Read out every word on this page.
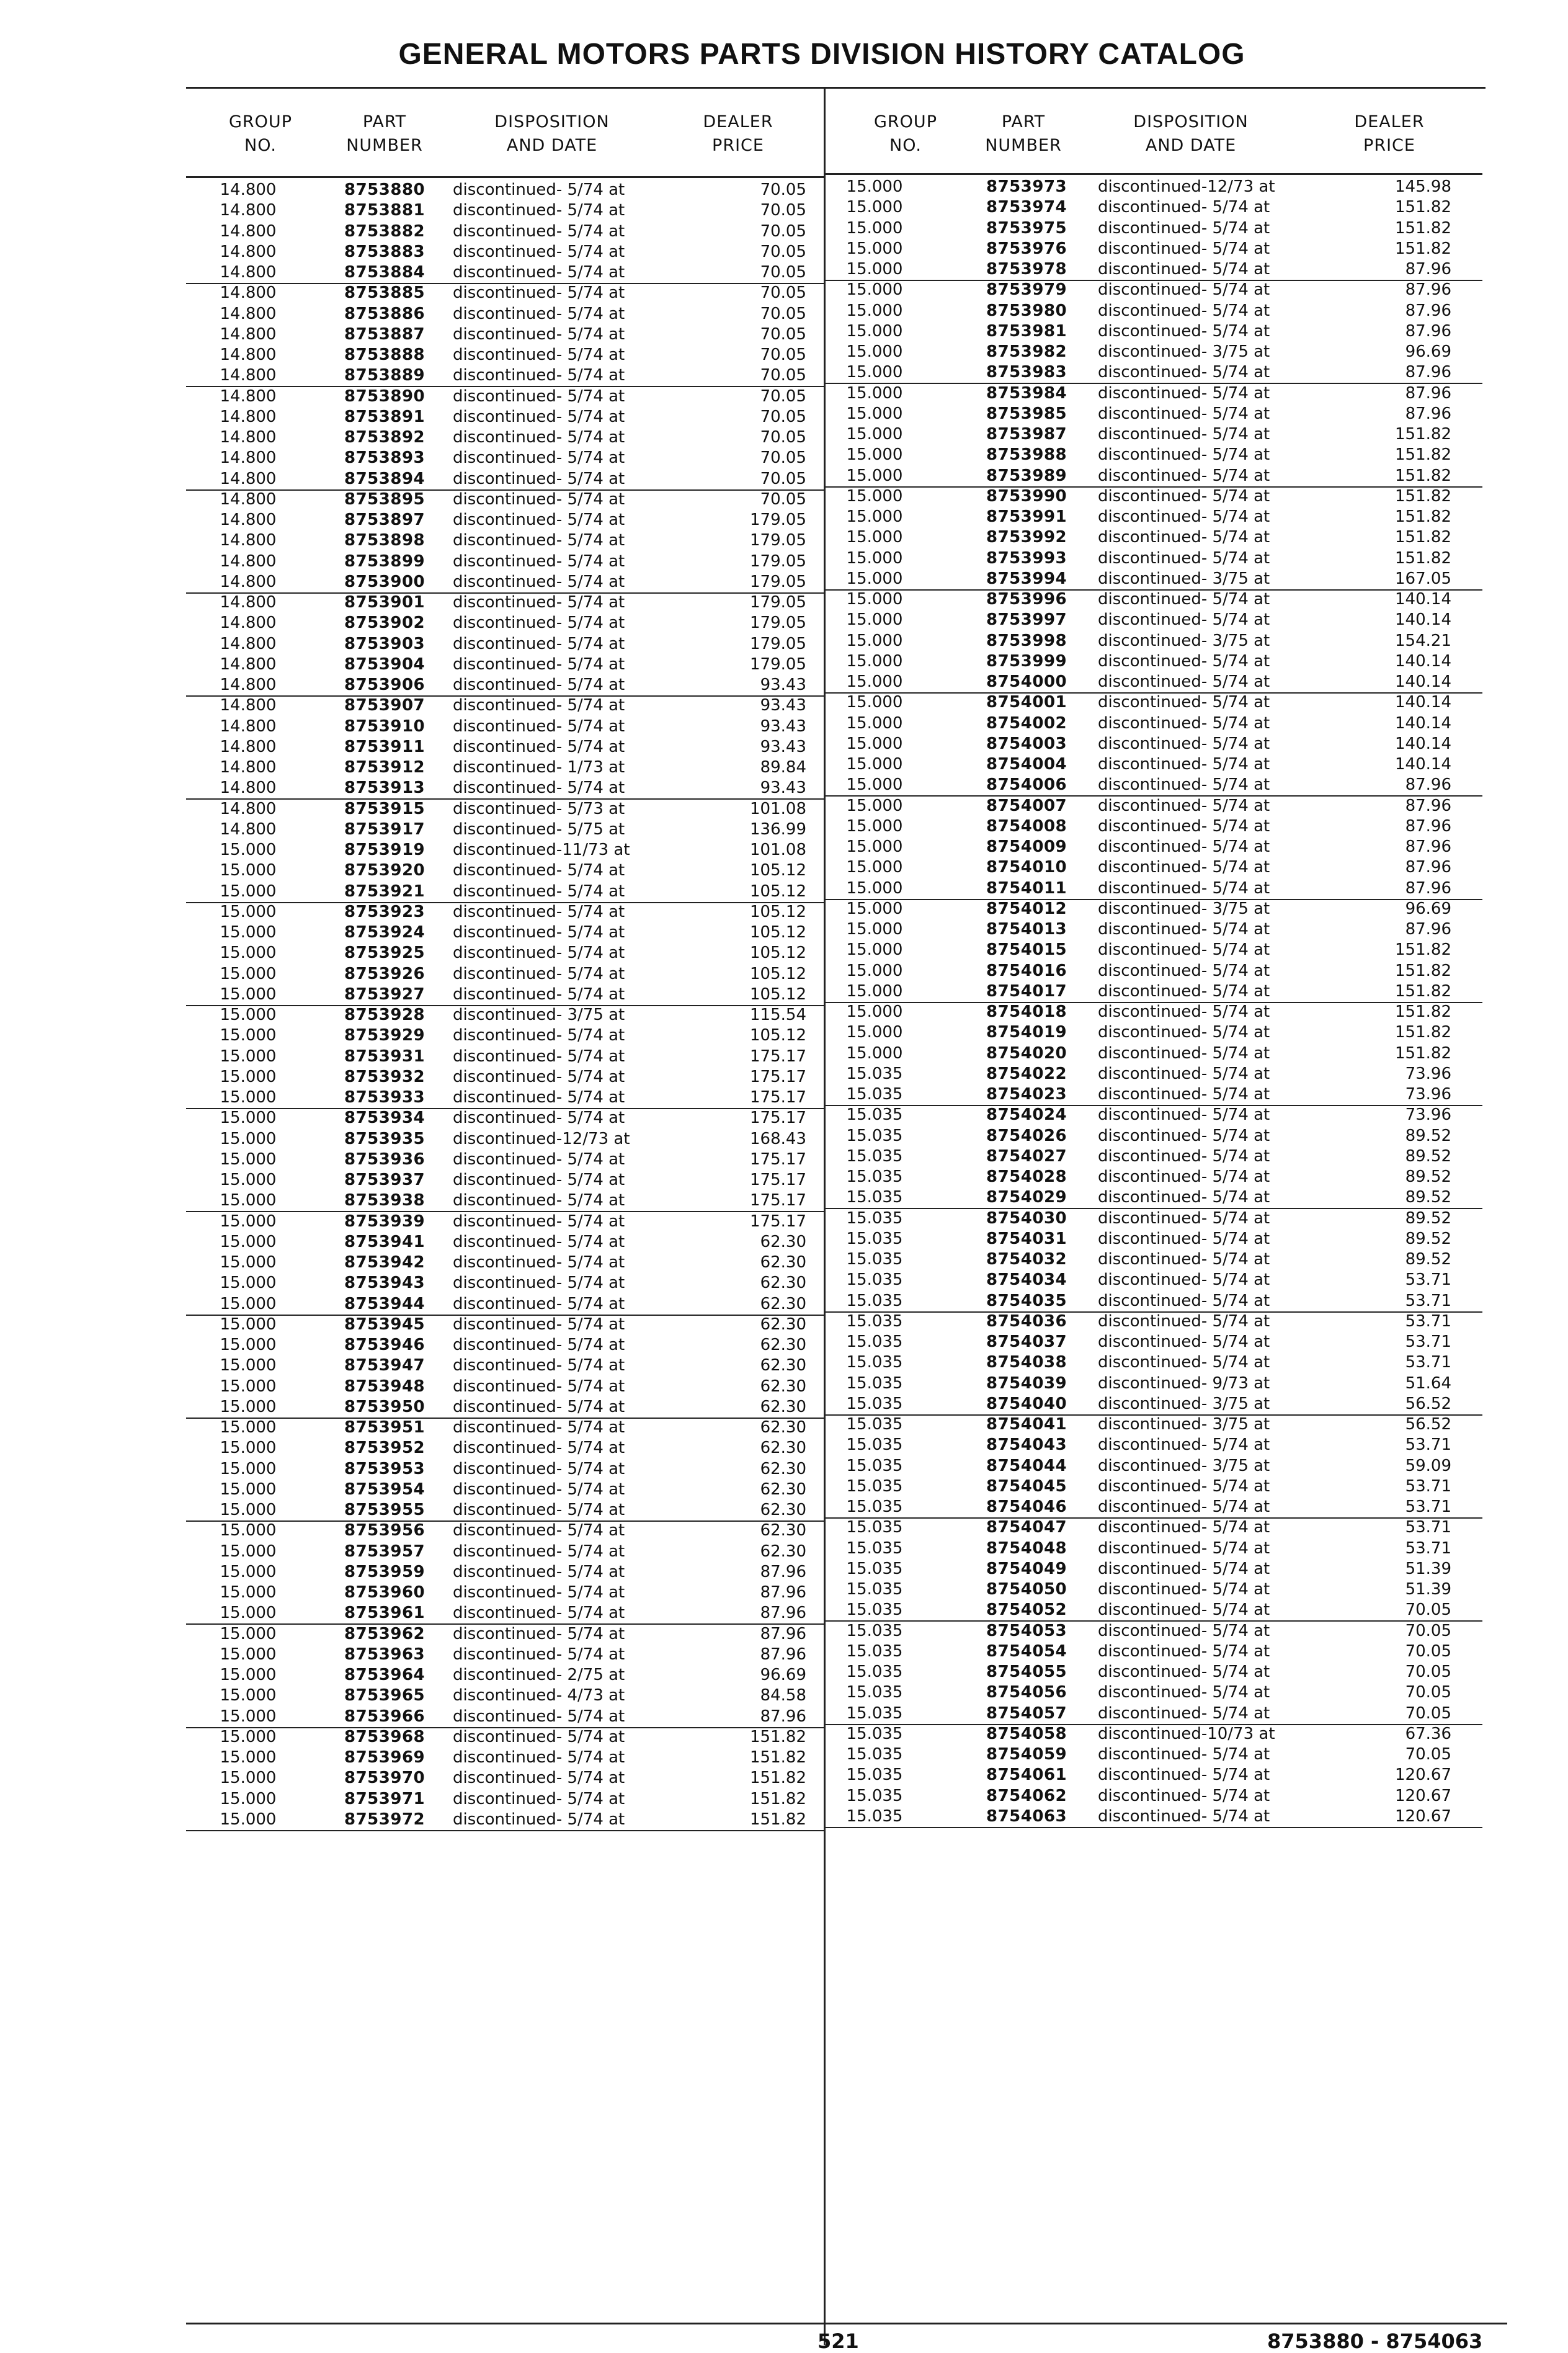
GENERAL MOTORS PARTS DIVISION HISTORY CATALOG
GROUP
NO.
PART
NUMBER
DISPOSITION
AND DATE
DEALER
PRICE
GROUP
NO.
PART
NUMBER
DISPOSITION
AND DATE
DEALER
PRICE
14.800	8753880 discontinued- 5/74 at	70.05
14.800	8753881 discontinued- 5/74 at	70.05
14.800	8753882 discontinued- 5/74 at	70.05
14.800	8753883 discontinued- 5/74 at	70.05
14.800	8753884 discontinued- 5/74 at	70.05
14.800	8753885 discontinued- 5/74 at	70.05
14.800	8753886 discontinued- 5/74 at	70.05
14.800	8753887 discontinued- 5/74 at	70.05
14.800	8753888 discontinued- 5/74 at	70.05
14.800	8753889 discontinued- 5/74 at	70.05
14.800	8753890 discontinued- 5/74 at	70.05
14.800	8753891 discontinued- 5/74 at	70.05
14.800	8753892 discontinued- 5/74 at	70.05
14.800	8753893 discontinued- 5/74 at	70.05
14.800	8753894 discontinued- 5/74 at	70.05
14.800	8753895 discontinued- 5/74 at	70.05
14.800	8753897 discontinued- 5/74 at	179.05
14.800	8753898 discontinued- 5/74 at	179.05
14.800	8753899 discontinued- 5/74 at	179.05
14.800	8753900 discontinued- 5/74 at	179.05
14.800	8753901 discontinued- 5/74 at	179.05
14.800	8753902 discontinued- 5/74 at	179.05
14.800	8753903 discontinued- 5/74 at	179.05
14.800	8753904 discontinued- 5/74 at	179.05
14.800	8753906 discontinued- 5/74 at	93.43
14.800	8753907 discontinued- 5/74 at	93.43
14.800	8753910 discontinued- 5/74 at	93.43
14.800	8753911 discontinued- 5/74 at	93.43
14.800	8753912 discontinued- 1/73 at	89.84
14.800	8753913 discontinued- 5/74 at	93.43
14.800	8753915 discontinued- 5/73 at	101.08
14.800	8753917 discontinued- 5/75 at	136.99
15.000	8753919 discontinued-11/73 at	101.08
15.000	8753920 discontinued- 5/74 at	105.12
15.000	8753921 discontinued- 5/74 at	105.12
15.000	8753923 discontinued- 5/74 at	105.12
15.000	8753924 discontinued- 5/74 at	105.12
15.000	8753925 discontinued- 5/74 at	105.12
15.000	8753926 discontinued- 5/74 at	105.12
15.000	8753927 discontinued- 5/74 at	105.12
15.000	8753928 discontinued- 3/75 at	115.54
15.000	8753929 discontinued- 5/74 at	105.12
15.000	8753931 discontinued- 5/74 at	175.17
15.000	8753932 discontinued- 5/74 at	175.17
15.000	8753933 discontinued- 5/74 at	175.17
15.000	8753934 discontinued- 5/74 at	175.17
15.000	8753935 discontinued-12/73 at	168.43
15.000	8753936 discontinued- 5/74 at	175.17
15.000	8753937 discontinued- 5/74 at	175.17
15.000	8753938 discontinued- 5/74 at	175.17
15.000	8753939 discontinued- 5/74 at	175.17
15.000	8753941 discontinued- 5/74 at	62.30
15.000	8753942 discontinued- 5/74 at	62.30
15.000	8753943 discontinued- 5/74 at	62.30
15.000	8753944 discontinued- 5/74 at	62.30
15.000	8753945 discontinued- 5/74 at	62.30
15.000	8753946 discontinued- 5/74 at	62.30
15.000	8753947 discontinued- 5/74 at	62.30
15.000	8753948 discontinued- 5/74 at	62.30
15.000	8753950 discontinued- 5/74 at	62.30
15.000	8753951 discontinued- 5/74 at	62.30
15.000	8753952 discontinued- 5/74 at	62.30
15.000	8753953 discontinued- 5/74 at	62.30
15.000	8753954 discontinued- 5/74 at	62.30
15.000	8753955 discontinued- 5/74 at	62.30
15.000	8753956 discontinued- 5/74 at	62.30
15.000	8753957 discontinued- 5/74 at	62.30
15.000	8753959 discontinued- 5/74 at	87.96
15.000	8753960 discontinued- 5/74 at	87.96
15.000	8753961 discontinued- 5/74 at	87.96
15.000	8753962 discontinued- 5/74 at	87.96
15.000	8753963 discontinued- 5/74 at	87.96
15.000	8753964 discontinued- 2/75 at	96.69
15.000	8753965 discontinued- 4/73 at	84.58
15.000	8753966 discontinued- 5/74 at	87.96
15.000	8753968 discontinued- 5/74 at	151.82
15.000	8753969 discontinued- 5/74 at	151.82
15.000	8753970 discontinued- 5/74 at	151.82
15.000	8753971 discontinued- 5/74 at	151.82
15.000	8753972 discontinued- 5/74 at	151.82
15.000	8753973 discontinued-12/73 at	145.98
15.000	8753974 discontinued- 5/74 at	151.82
15.000	8753975 discontinued- 5/74 at	151.82
15.000	8753976 discontinued- 5/74 at	151.82
15.000	8753978 discontinued- 5/74 at	87.96
15.000	8753979 discontinued- 5/74 at	87.96
15.000	8753980 discontinued- 5/74 at	87.96
15.000	8753981 discontinued- 5/74 at	87.96
15.000	8753982 discontinued- 3/75 at	96.69
15.000	8753983 discontinued- 5/74 at	87.96
15.000	8753984 discontinued- 5/74 at	87.96
15.000	8753985 discontinued- 5/74 at	87.96
15.000	8753987 discontinued- 5/74 at	151.82
15.000	8753988 discontinued- 5/74 at	151.82
15.000	8753989 discontinued- 5/74 at	151.82
15.000	8753990 discontinued- 5/74 at	151.82
15.000	8753991 discontinued- 5/74 at	151.82
15.000	8753992 discontinued- 5/74 at	151.82
15.000	8753993 discontinued- 5/74 at	151.82
15.000	8753994 discontinued- 3/75 at	167.05
15.000	8753996 discontinued- 5/74 at	140.14
15.000	8753997 discontinued- 5/74 at	140.14
15.000	8753998 discontinued- 3/75 at	154.21
15.000	8753999 discontinued- 5/74 at	140.14
15.000	8754000 discontinued- 5/74 at	140.14
15.000	8754001 discontinued- 5/74 at	140.14
15.000	8754002 discontinued- 5/74 at	140.14
15.000	8754003 discontinued- 5/74 at	140.14
15.000	8754004 discontinued- 5/74 at	140.14
15.000	8754006 discontinued- 5/74 at	87.96
15.000	8754007 discontinued- 5/74 at	87.96
15.000	8754008 discontinued- 5/74 at	87.96
15.000	8754009 discontinued- 5/74 at	87.96
15.000	8754010 discontinued- 5/74 at	87.96
15.000	8754011 discontinued- 5/74 at	87.96
15.000	8754012 discontinued- 3/75 at	96.69
15.000	8754013 discontinued- 5/74 at	87.96
15.000	8754015 discontinued- 5/74 at	151.82
15.000	8754016 discontinued- 5/74 at	151.82
15.000	8754017 discontinued- 5/74 at	151.82
15.000	8754018 discontinued- 5/74 at	151.82
15.000	8754019 discontinued- 5/74 at	151.82
15.000	8754020 discontinued- 5/74 at	151.82
15.035	8754022 discontinued- 5/74 at	73.96
15.035	8754023 discontinued- 5/74 at	73.96
15.035	8754024 discontinued- 5/74 at	73.96
15.035	8754026 discontinued- 5/74 at	89.52
15.035	8754027 discontinued- 5/74 at	89.52
15.035	8754028 discontinued- 5/74 at	89.52
15.035	8754029 discontinued- 5/74 at	89.52
15.035	8754030 discontinued- 5/74 at	89.52
15.035	8754031 discontinued- 5/74 at	89.52
15.035	8754032 discontinued- 5/74 at	89.52
15.035	8754034 discontinued- 5/74 at	53.71
15.035	8754035 discontinued- 5/74 at	53.71
15.035	8754036 discontinued- 5/74 at	53.71
15.035	8754037 discontinued- 5/74 at	53.71
15.035	8754038 discontinued- 5/74 at	53.71
15.035	8754039 discontinued- 9/73 at	51.64
15.035	8754040 discontinued- 3/75 at	56.52
15.035	8754041 discontinued- 3/75 at	56.52
15.035	8754043 discontinued- 5/74 at	53.71
15.035	8754044 discontinued- 3/75 at	59.09
15.035	8754045 discontinued- 5/74 at	53.71
15.035	8754046 discontinued- 5/74 at	53.71
15.035	8754047 discontinued- 5/74 at	53.71
15.035	8754048 discontinued- 5/74 at	53.71
15.035	8754049 discontinued- 5/74 at	51.39
15.035	8754050 discontinued- 5/74 at	51.39
15.035	8754052 discontinued- 5/74 at	70.05
15.035	8754053 discontinued- 5/74 at	70.05
15.035	8754054 discontinued- 5/74 at	70.05
15.035	8754055 discontinued- 5/74 at	70.05
15.035	8754056 discontinued- 5/74 at	70.05
15.035	8754057 discontinued- 5/74 at	70.05
15.035	8754058 discontinued-10/73 at	67.36
15.035	8754059 discontinued- 5/74 at	70.05
15.035	8754061 discontinued- 5/74 at	120.67
15.035	8754062 discontinued- 5/74 at	120.67
15.035	8754063 discontinued- 5/74 at	120.67
521	8753880 - 8754063
